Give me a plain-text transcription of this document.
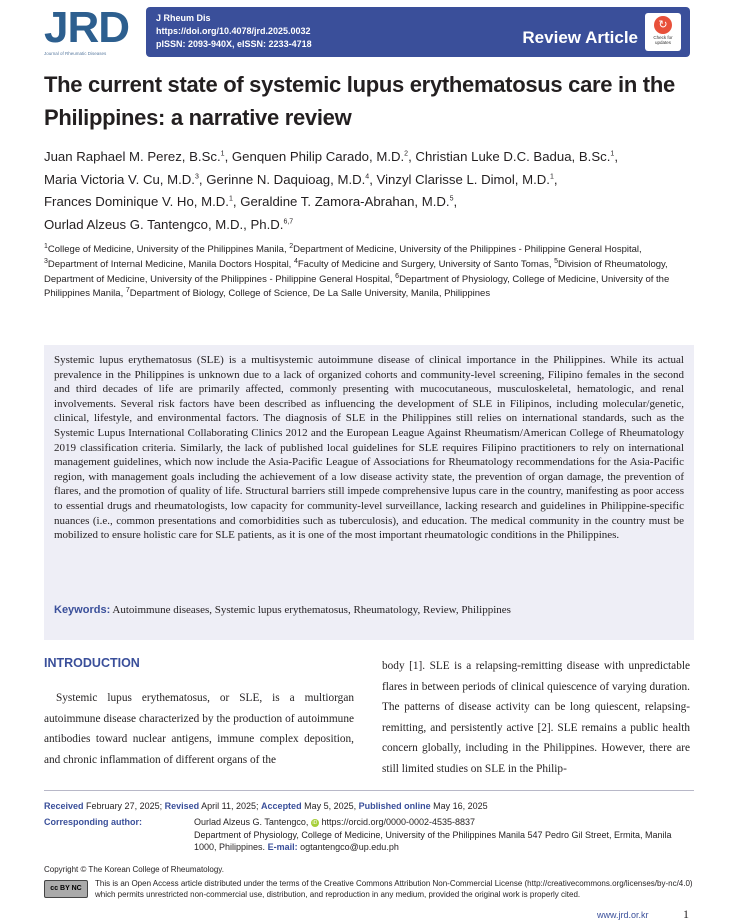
JRD
Journal of Rheumatic Diseases
J Rheum Dis
https://doi.org/10.4078/jrd.2025.0032
pISSN: 2093-940X, eISSN: 2233-4718	Review Article
↻
Check for updates
The current state of systemic lupus erythematosus care in the Philippines: a narrative review
Juan Raphael M. Perez, B.Sc.$^1$, Genquen Philip Carado, M.D.$^2$, Christian Luke D.C. Badua, B.Sc.$^1$,
Maria Victoria V. Cu, M.D.$^3$, Gerinne N. Daquioag, M.D.$^4$, Vinzyl Clarisse L. Dimol, M.D.$^1$,
Frances Dominique V. Ho, M.D.$^1$, Geraldine T. Zamora-Abrahan, M.D.$^5$,
Ourlad Alzeus G. Tantengco, M.D., Ph.D.$^{6,7}$
$^1$College of Medicine, University of the Philippines Manila, $^2$Department of Medicine, University of the Philippines - Philippine General Hospital, $^3$Department of Internal Medicine, Manila Doctors Hospital, $^4$Faculty of Medicine and Surgery, University of Santo Tomas, $^5$Division of Rheumatology, Department of Medicine, University of the Philippines - Philippine General Hospital, $^6$Department of Physiology, College of Medicine, University of the Philippines Manila, $^7$Department of Biology, College of Science, De La Salle University, Manila, Philippines
Systemic lupus erythematosus (SLE) is a multisystemic autoimmune disease of clinical importance in the Philippines. While its actual prevalence in the Philippines is unknown due to a lack of organized cohorts and community-level screening, Filipino females in the second and third decades of life are primarily affected, commonly presenting with mucocutaneous, musculoskeletal, hematologic, and renal involvements. Several risk factors have been described as influencing the development of SLE in Filipinos, including molecular/genetic, clinical, lifestyle, and environmental factors. The diagnosis of SLE in the Philippines still relies on international standards, such as the Systemic Lupus International Collaborating Clinics 2012 and the European League Against Rheumatism/American College of Rheumatology 2019 classification criteria. Similarly, the lack of published local guidelines for SLE requires Filipino practitioners to rely on international management guidelines, which now include the Asia-Pacific League of Associations for Rheumatology recommendations for the Asia-Pacific region, with management goals including the achievement of a low disease activity state, the prevention of organ damage, the prevention of flares, and the promotion of quality of life. Structural barriers still impede comprehensive lupus care in the country, manifesting as poor access to essential drugs and rheumatologists, low capacity for community-level surveillance, lacking research and guidelines in Philippine-specific nuances (i.e., common presentations and comorbidities such as tuberculosis), and education. The medical community in the country must be mobilized to ensure holistic care for SLE patients, as it is one of the most important rheumatologic conditions in the Philippines.
Keywords: Autoimmune diseases, Systemic lupus erythematosus, Rheumatology, Review, Philippines
INTRODUCTION
Systemic lupus erythematosus, or SLE, is a multiorgan autoimmune disease characterized by the production of autoimmune antibodies toward nuclear antigens, immune complex deposition, and chronic inflammation of different organs of the
body [1]. SLE is a relapsing-remitting disease with unpredictable flares in between periods of clinical quiescence of varying duration. The patterns of disease activity can be long quiescent, relapsing-remitting, and persistently active [2]. SLE remains a public health concern globally, including in the Philippines. However, there are still limited studies on SLE in the Philip-
Received February 27, 2025; Revised April 11, 2025; Accepted May 5, 2025, Published online May 16, 2025
Corresponding author:	Ourlad Alzeus G. Tantengco, iD https://orcid.org/0000-0002-4535-8837
Department of Physiology, College of Medicine, University of the Philippines Manila 547 Pedro Gil Street, Ermita, Manila 1000, Philippines. E-mail: ogtantengco@up.edu.ph
Copyright © The Korean College of Rheumatology.
cc BY NC
This is an Open Access article distributed under the terms of the Creative Commons Attribution Non-Commercial License (http://creativecommons.org/licenses/by-nc/4.0) which permits unrestricted non-commercial use, distribution, and reproduction in any medium, provided the original work is properly cited.
www.jrd.or.kr	1
